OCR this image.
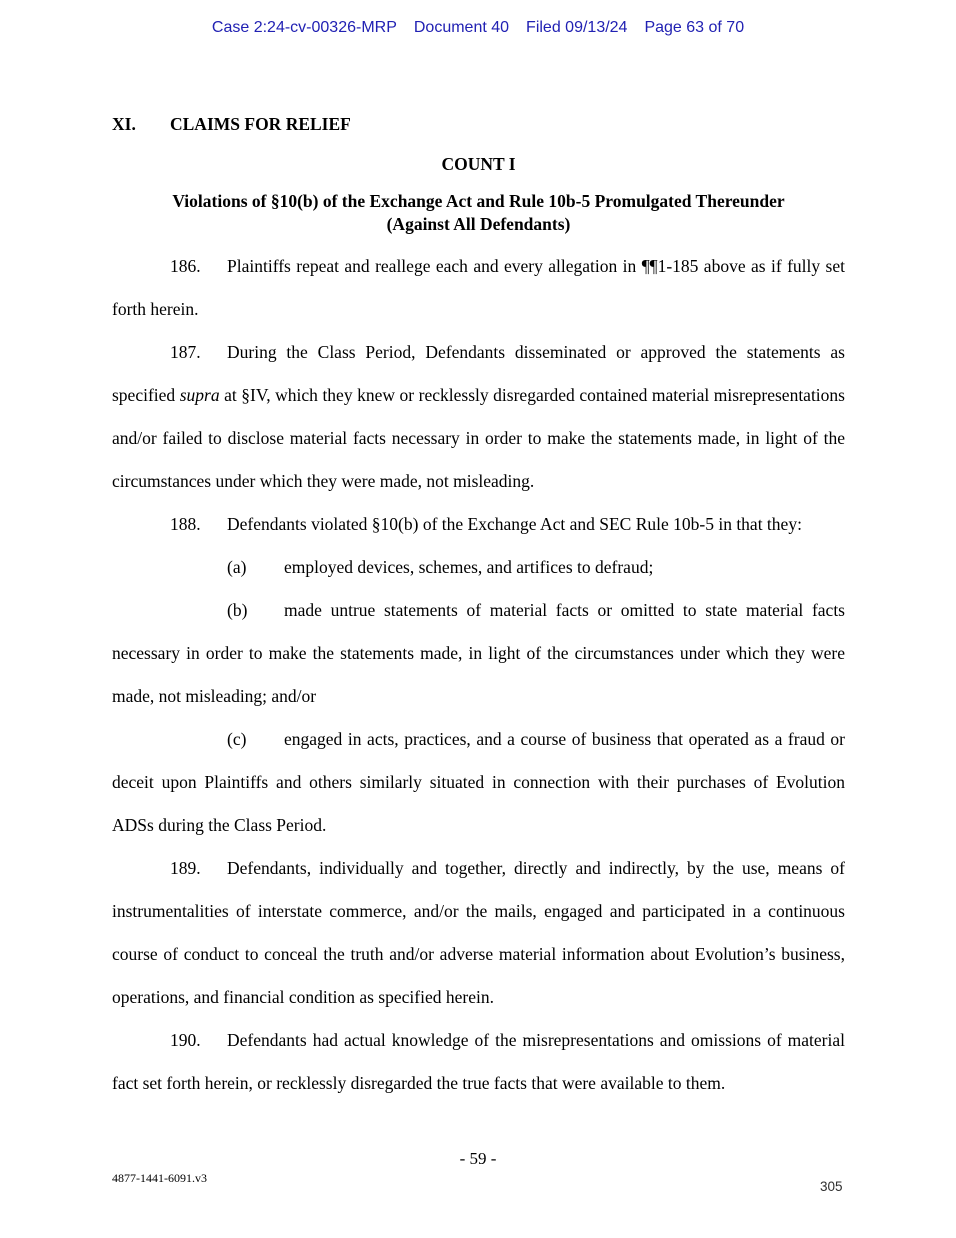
Case 2:24-cv-00326-MRP Document 40 Filed 09/13/24 Page 63 of 70
XI. CLAIMS FOR RELIEF
COUNT I
Violations of §10(b) of the Exchange Act and Rule 10b-5 Promulgated Thereunder
(Against All Defendants)

186. Plaintiffs repeat and reallege each and every allegation in ¶¶1-185 above as if fully set forth herein.

187. During the Class Period, Defendants disseminated or approved the statements as specified supra at §IV, which they knew or recklessly disregarded contained material misrepresentations and/or failed to disclose material facts necessary in order to make the statements made, in light of the circumstances under which they were made, not misleading.

188. Defendants violated §10(b) of the Exchange Act and SEC Rule 10b-5 in that they:

(a) employed devices, schemes, and artifices to defraud;

(b) made untrue statements of material facts or omitted to state material facts necessary in order to make the statements made, in light of the circumstances under which they were made, not misleading; and/or

(c) engaged in acts, practices, and a course of business that operated as a fraud or deceit upon Plaintiffs and others similarly situated in connection with their purchases of Evolution ADSs during the Class Period.

189. Defendants, individually and together, directly and indirectly, by the use, means of instrumentalities of interstate commerce, and/or the mails, engaged and participated in a continuous course of conduct to conceal the truth and/or adverse material information about Evolution’s business, operations, and financial condition as specified herein.

190. Defendants had actual knowledge of the misrepresentations and omissions of material fact set forth herein, or recklessly disregarded the true facts that were available to them.

- 59 -
4877-1441-6091.v3
305
